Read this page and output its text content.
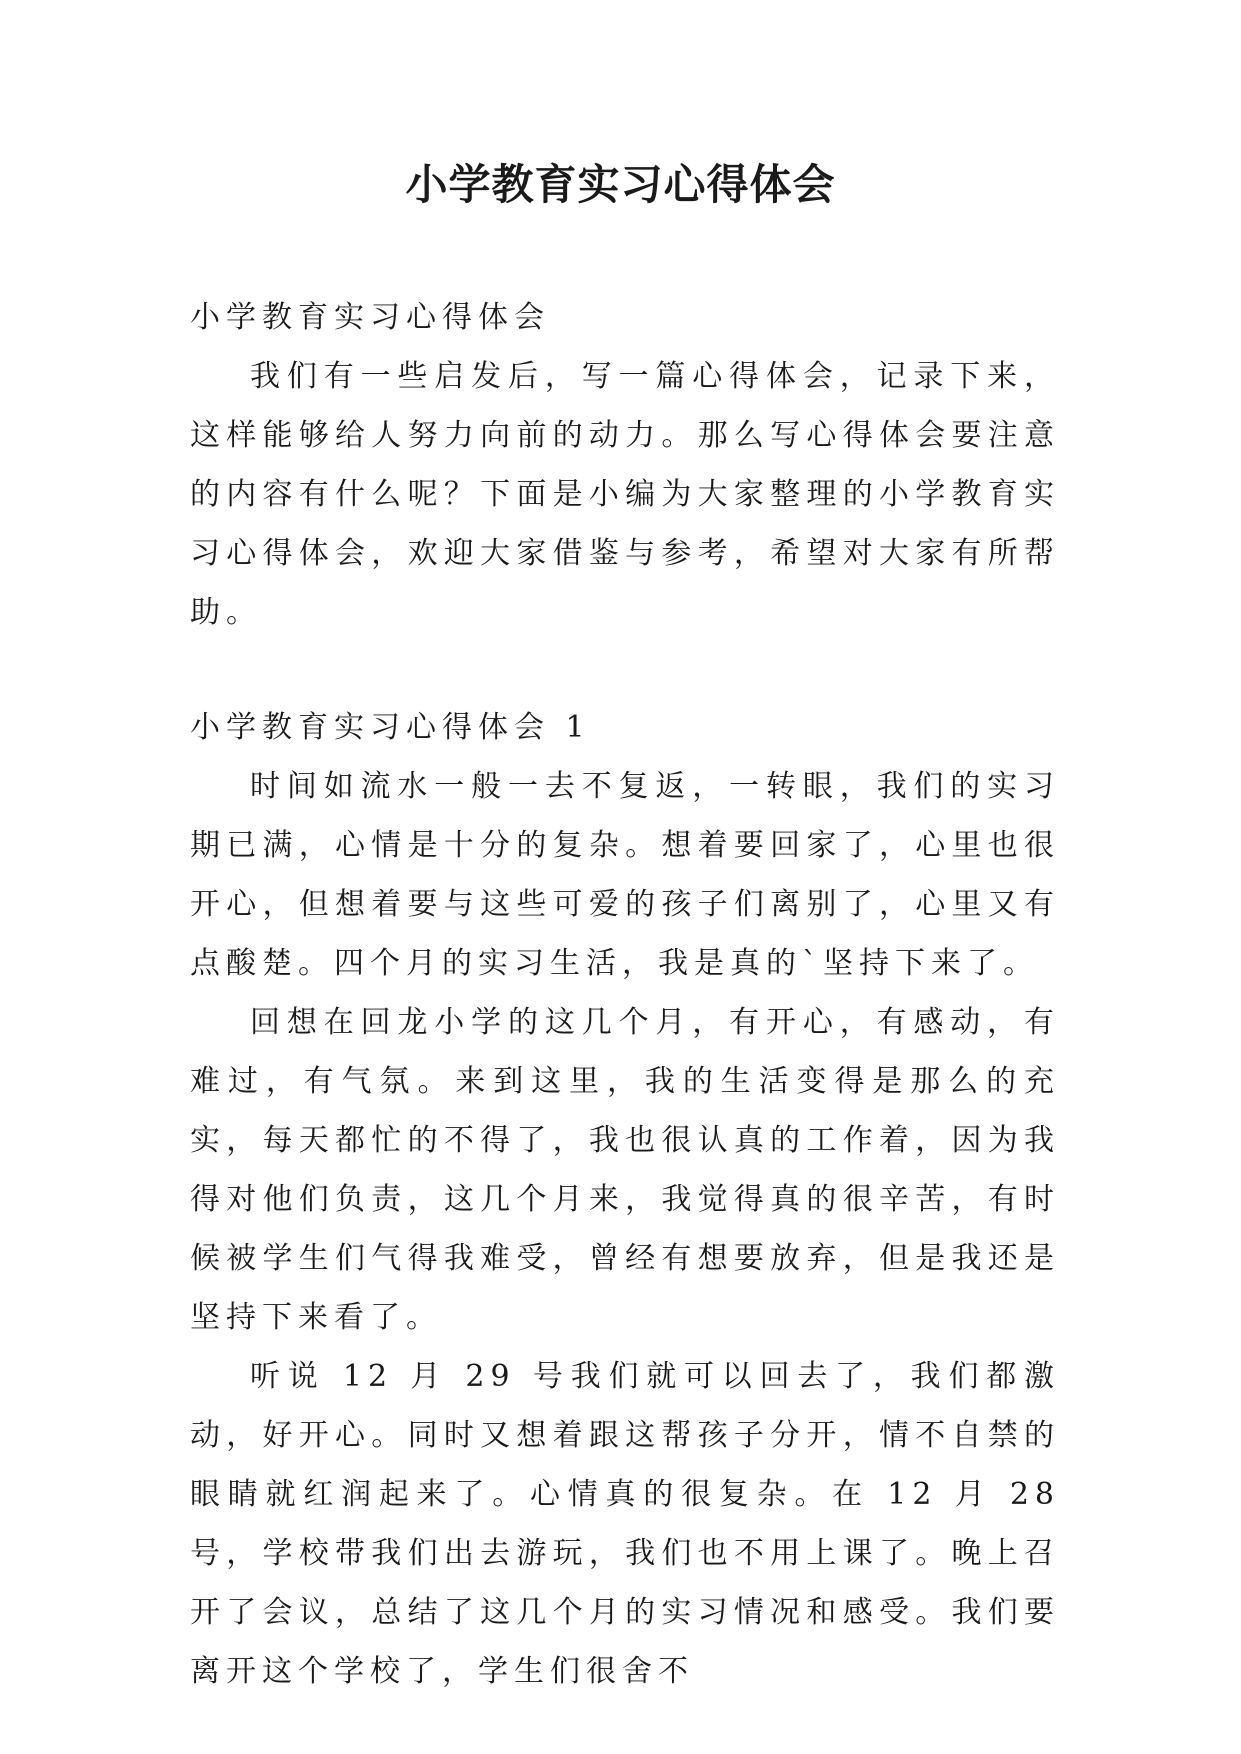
小学教育实习心得体会

小学教育实习心得体会

我们有一些启发后，写一篇心得体会，记录下来，这样能够给人努力向前的动力。那么写心得体会要注意的内容有什么呢？下面是小编为大家整理的小学教育实习心得体会，欢迎大家借鉴与参考，希望对大家有所帮助。

小学教育实习心得体会 1

时间如流水一般一去不复返，一转眼，我们的实习期已满，心情是十分的复杂。想着要回家了，心里也很开心，但想着要与这些可爱的孩子们离别了，心里又有点酸楚。四个月的实习生活，我是真的`坚持下来了。

回想在回龙小学的这几个月，有开心，有感动，有难过，有气氛。来到这里，我的生活变得是那么的充实，每天都忙的不得了，我也很认真的工作着，因为我得对他们负责，这几个月来，我觉得真的很辛苦，有时候被学生们气得我难受，曾经有想要放弃，但是我还是坚持下来看了。

听说 12 月 29 号我们就可以回去了，我们都激动，好开心。同时又想着跟这帮孩子分开，情不自禁的眼睛就红润起来了。心情真的很复杂。在 12 月 28 号，学校带我们出去游玩，我们也不用上课了。晚上召开了会议，总结了这几个月的实习情况和感受。我们要离开这个学校了，学生们很舍不
